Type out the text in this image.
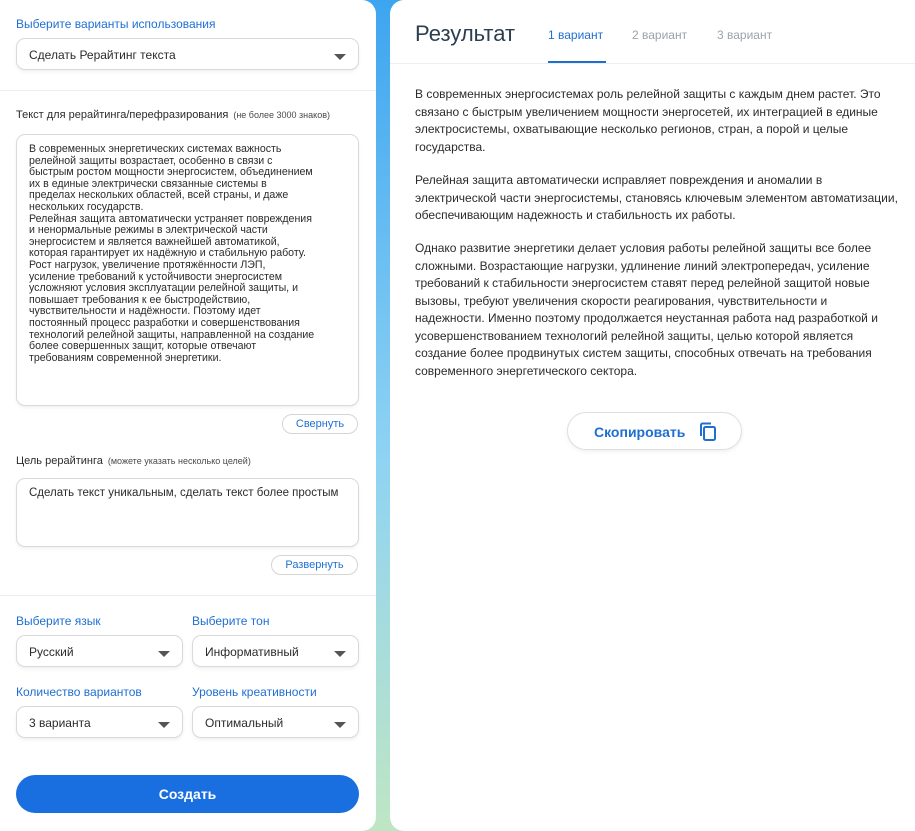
Выберите варианты использования
Сделать Рерайтинг текста
Текст для рерайтинга/перефразирования (не более 3000 знаков)
В современных энергетических системах важность
релейной защиты возрастает, особенно в связи с
быстрым ростом мощности энергосистем, объединением
их в единые электрически связанные системы в
пределах нескольких областей, всей страны, и даже
нескольких государств.
Релейная защита автоматически устраняет повреждения
и ненормальные режимы в электрической части
энергосистем и является важнейшей автоматикой,
которая гарантирует их надёжную и стабильную работу.
Рост нагрузок, увеличение протяжённости ЛЭП,
усиление требований к устойчивости энергосистем
усложняют условия эксплуатации релейной защиты, и
повышает требования к ее быстродействию,
чувствительности и надёжности. Поэтому идет
постоянный процесс разработки и совершенствования
технологий релейной защиты, направленной на создание
более совершенных защит, которые отвечают
требованиям современной энергетики.
Свернуть
Цель рерайтинга (можете указать несколько целей)
Сделать текст уникальным, сделать текст более простым
Развернуть
Выберите язык
Русский
Выберите тон
Информативный
Количество вариантов
3 варианта
Уровень креативности
Оптимальный
Создать
Результат	1 вариант 2 вариант 3 вариант

В современных энергосистемах роль релейной защиты с каждым днем растет. Это связано с быстрым увеличением мощности энергосетей, их интеграцией в единые электросистемы, охватывающие несколько регионов, стран, а порой и целые государства.

Релейная защита автоматически исправляет повреждения и аномалии в электрической части энергосистемы, становясь ключевым элементом автоматизации, обеспечивающим надежность и стабильность их работы.

Однако развитие энергетики делает условия работы релейной защиты все более сложными. Возрастающие нагрузки, удлинение линий электропередач, усиление требований к стабильности энергосистем ставят перед релейной защитой новые вызовы, требуют увеличения скорости реагирования, чувствительности и надежности. Именно поэтому продолжается неустанная работа над разработкой и усовершенствованием технологий релейной защиты, целью которой является создание более продвинутых систем защиты, способных отвечать на требования современного энергетического сектора.

Скопировать
